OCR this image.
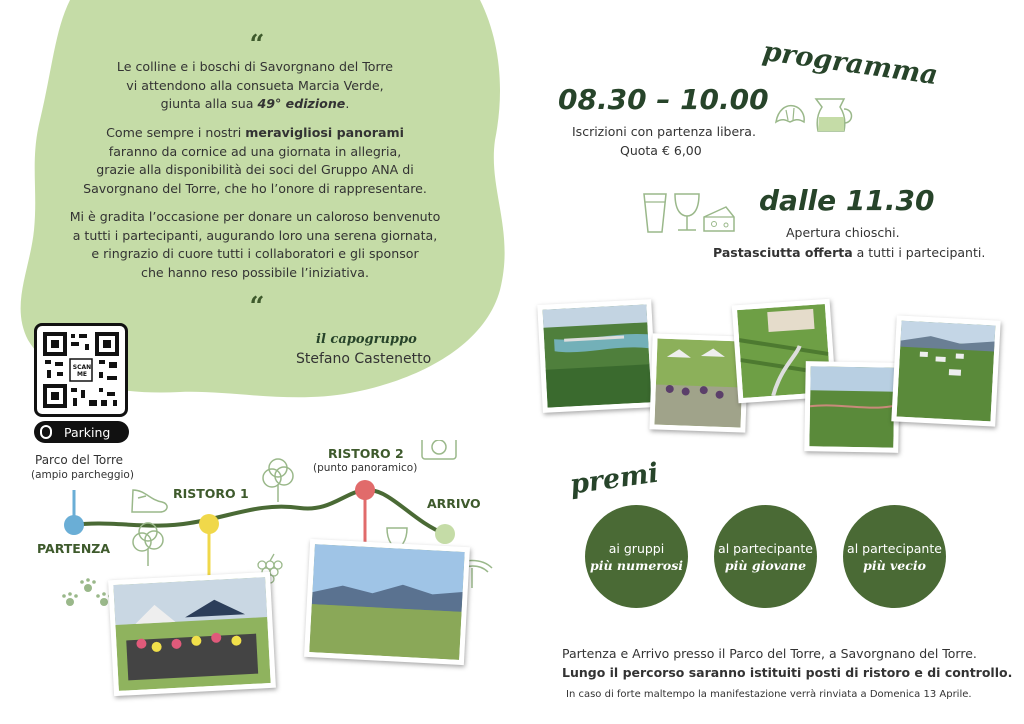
“
Le colline e i boschi di Savorgnano del Torre
vi attendono alla consueta Marcia Verde,
giunta alla sua 49° edizione.
Come sempre i nostri meravigliosi panorami
faranno da cornice ad una giornata in allegria,
grazie alla disponibilità dei soci del Gruppo ANA di
Savorgnano del Torre, che ho l’onore di rappresentare.
Mi è gradita l’occasione per donare un caloroso benvenuto
a tutti i partecipanti, augurando loro una serena giornata,
e ringrazio di cuore tutti i collaboratori e gli sponsor
che hanno reso possibile l’iniziativa.
“
il capogruppo
Stefano Castenetto
SCAN ME
Parking
Parco del Torre
(ampio parcheggio)
PARTENZA
RISTORO 1
RISTORO 2
(punto panoramico)
ARRIVO
programma
08.30 – 10.00
Iscrizioni con partenza libera.
Quota € 6,00
dalle 11.30
Apertura chioschi.
Pastasciutta offerta a tutti i partecipanti.
premi
ai gruppi
più numerosi
al partecipante
più giovane
al partecipante
più vecio
Partenza e Arrivo presso il Parco del Torre, a Savorgnano del Torre.
Lungo il percorso saranno istituiti posti di ristoro e di controllo.
In caso di forte maltempo la manifestazione verrà rinviata a Domenica 13 Aprile.
